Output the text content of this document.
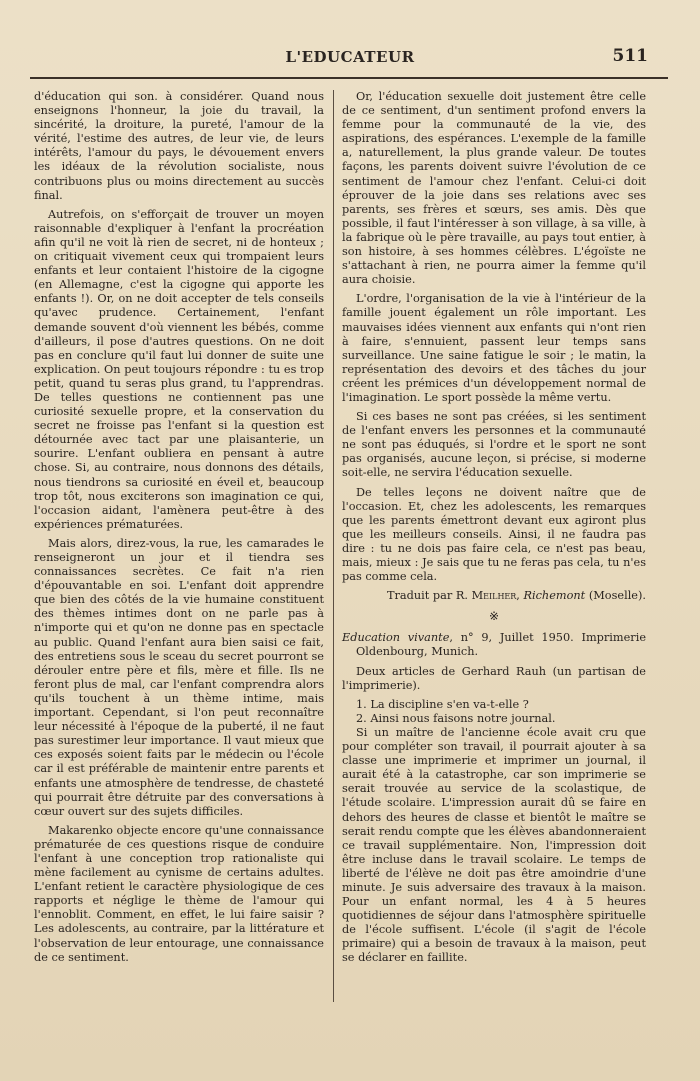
L'EDUCATEUR	511

d'éducation qui son. à considérer. Quand nous enseignons l'honneur, la joie du travail, la sincérité, la droiture, la pureté, l'amour de la vérité, l'estime des autres, de leur vie, de leurs intérêts, l'amour du pays, le dévouement envers les idéaux de la révolution socialiste, nous contribuons plus ou moins directement au succès final.

Autrefois, on s'efforçait de trouver un moyen raisonnable d'expliquer à l'enfant la procréation afin qu'il ne voit là rien de secret, ni de honteux ; on critiquait vivement ceux qui trompaient leurs enfants et leur contaient l'histoire de la cigogne (en Allemagne, c'est la cigogne qui apporte les enfants !). Or, on ne doit accepter de tels conseils qu'avec prudence. Certainement, l'enfant demande souvent d'où viennent les bébés, comme d'ailleurs, il pose d'autres questions. On ne doit pas en conclure qu'il faut lui donner de suite une explication. On peut toujours répondre : tu es trop petit, quand tu seras plus grand, tu l'apprendras. De telles questions ne contiennent pas une curiosité sexuelle propre, et la conservation du secret ne froisse pas l'enfant si la question est détournée avec tact par une plaisanterie, un sourire. L'enfant oubliera en pensant à autre chose. Si, au contraire, nous donnons des détails, nous tiendrons sa curiosité en éveil et, beaucoup trop tôt, nous exciterons son imagination ce qui, l'occasion aidant, l'amènera peut-être à des expériences prématurées.

Mais alors, direz-vous, la rue, les camarades le renseigneront un jour et il tiendra ses connaissances secrètes. Ce fait n'a rien d'épouvantable en soi. L'enfant doit apprendre que bien des côtés de la vie humaine constituent des thèmes intimes dont on ne parle pas à n'importe qui et qu'on ne donne pas en spectacle au public. Quand l'enfant aura bien saisi ce fait, des entretiens sous le sceau du secret pourront se dérouler entre père et fils, mère et fille. Ils ne feront plus de mal, car l'enfant comprendra alors qu'ils touchent à un thème intime, mais important. Cependant, si l'on peut reconnaître leur nécessité à l'époque de la puberté, il ne faut pas surestimer leur importance. Il vaut mieux que ces exposés soient faits par le médecin ou l'école car il est préférable de maintenir entre parents et enfants une atmosphère de tendresse, de chasteté qui pourrait être détruite par des conversations à cœur ouvert sur des sujets difficiles.

Makarenko objecte encore qu'une connaissance prématurée de ces questions risque de conduire l'enfant à une conception trop rationaliste qui mène facilement au cynisme de certains adultes. L'enfant retient le caractère physiologique de ces rapports et néglige le thème de l'amour qui l'ennoblit. Comment, en effet, le lui faire saisir ? Les adolescents, au contraire, par la littérature et l'observation de leur entourage, une connaissance de ce sentiment.

Or, l'éducation sexuelle doit justement être celle de ce sentiment, d'un sentiment profond envers la femme pour la communauté de la vie, des aspirations, des espérances. L'exemple de la famille a, naturellement, la plus grande valeur. De toutes façons, les parents doivent suivre l'évolution de ce sentiment de l'amour chez l'enfant. Celui-ci doit éprouver de la joie dans ses relations avec ses parents, ses frères et sœurs, ses amis. Dès que possible, il faut l'intéresser à son village, à sa ville, à la fabrique où le père travaille, au pays tout entier, à son histoire, à ses hommes célèbres. L'égoïste ne s'attachant à rien, ne pourra aimer la femme qu'il aura choisie.

L'ordre, l'organisation de la vie à l'intérieur de la famille jouent également un rôle important. Les mauvaises idées viennent aux enfants qui n'ont rien à faire, s'ennuient, passent leur temps sans surveillance. Une saine fatigue le soir ; le matin, la représentation des devoirs et des tâches du jour créent les prémices d'un développement normal de l'imagination. Le sport possède la même vertu.

Si ces bases ne sont pas créées, si les sentiment de l'enfant envers les personnes et la communauté ne sont pas éduqués, si l'ordre et le sport ne sont pas organisés, aucune leçon, si précise, si moderne soit-elle, ne servira l'éducation sexuelle.

De telles leçons ne doivent naître que de l'occasion. Et, chez les adolescents, les remarques que les parents émettront devant eux agiront plus que les meilleurs conseils. Ainsi, il ne faudra pas dire : tu ne dois pas faire cela, ce n'est pas beau, mais, mieux : Je sais que tu ne feras pas cela, tu n'es pas comme cela.

Traduit par R. Meilher, Richemont (Moselle).

※

Education vivante, n° 9, Juillet 1950. Imprimerie Oldenbourg, Munich.

Deux articles de Gerhard Rauh (un partisan de l'imprimerie).

1. La discipline s'en va-t-elle ?
2. Ainsi nous faisons notre journal.

Si un maître de l'ancienne école avait cru que pour compléter son travail, il pourrait ajouter à sa classe une imprimerie et imprimer un journal, il aurait été à la catastrophe, car son imprimerie se serait trouvée au service de la scolastique, de l'étude scolaire. L'impression aurait dû se faire en dehors des heures de classe et bientôt le maître se serait rendu compte que les élèves abandonneraient ce travail supplémentaire. Non, l'impression doit être incluse dans le travail scolaire. Le temps de liberté de l'élève ne doit pas être amoindrie d'une minute. Je suis adversaire des travaux à la maison. Pour un enfant normal, les 4 à 5 heures quotidiennes de séjour dans l'atmosphère spirituelle de l'école suffisent. L'école (il s'agit de l'école primaire) qui a besoin de travaux à la maison, peut se déclarer en faillite.
